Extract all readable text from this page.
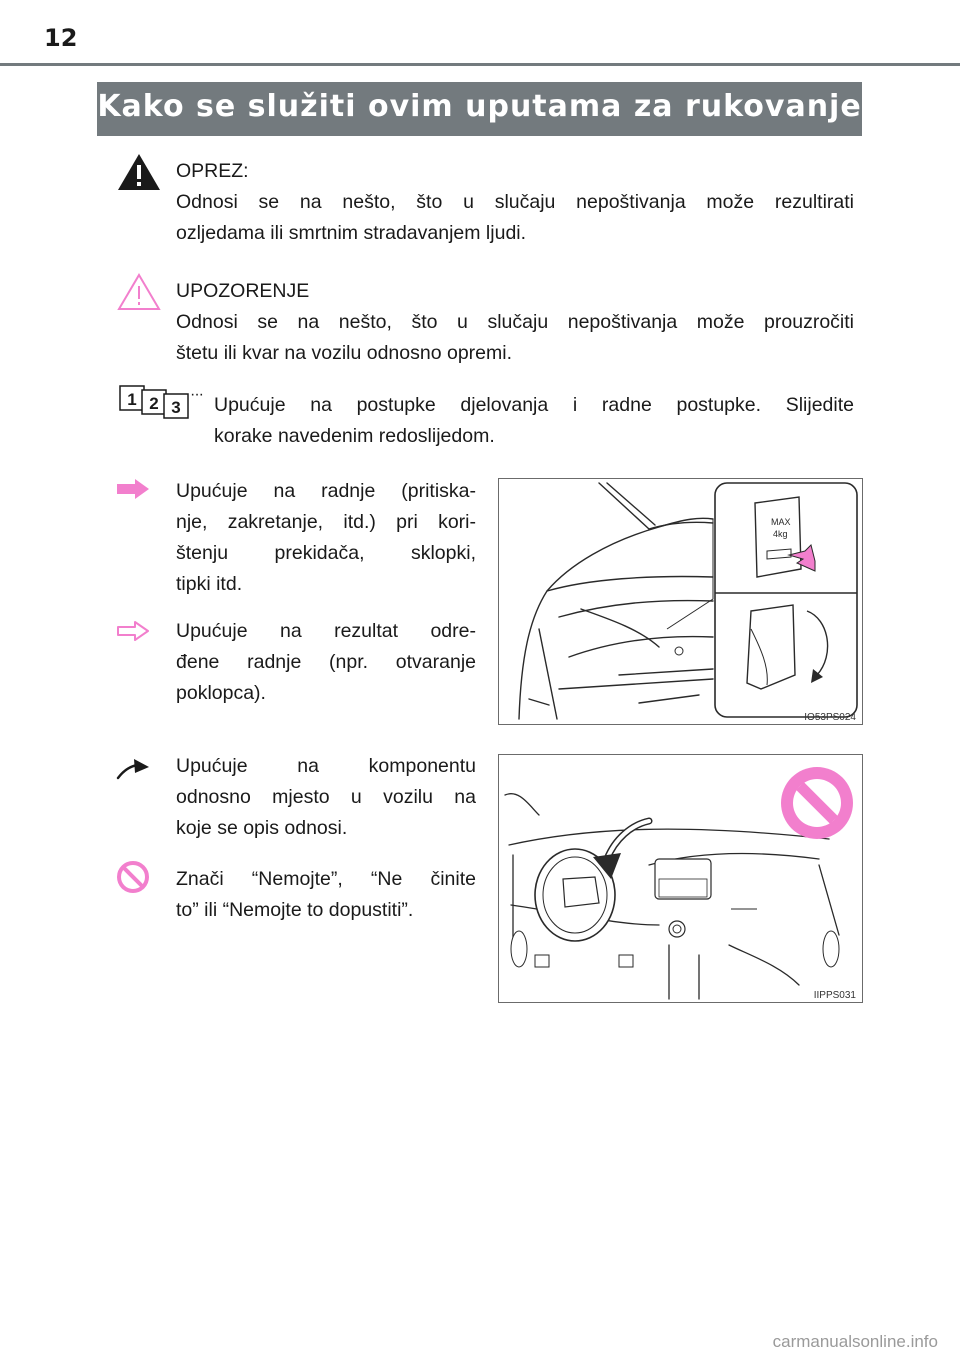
12
Kako se služiti ovim uputama za rukovanje
OPREZ:
Odnosi se na nešto, što u slučaju nepoštivanja može rezultirati
ozljedama ili smrtnim stradavanjem ljudi.
UPOZORENJE
Odnosi se na nešto, što u slučaju nepoštivanja može prouzročiti
štetu ili kvar na vozilu odnosno opremi.
1 2 3
··· Upućuje na postupke djelovanja i radne postupke. Slijedite
korake navedenim redoslijedom.
Upućuje na radnje (pritiska-
nje, zakretanje, itd.) pri kori-
štenju prekidača, sklopki,
tipki itd.
Upućuje na rezultat odre-
đene radnje (npr. otvaranje
poklopca).
MAX
4kg
IO53PS024
Upućuje na komponentu
odnosno mjesto u vozilu na
koje se opis odnosi.
Znači “Nemojte”, “Ne činite
to” ili “Nemojte to dopustiti”.
IIPPS031
carmanualsonline.info
